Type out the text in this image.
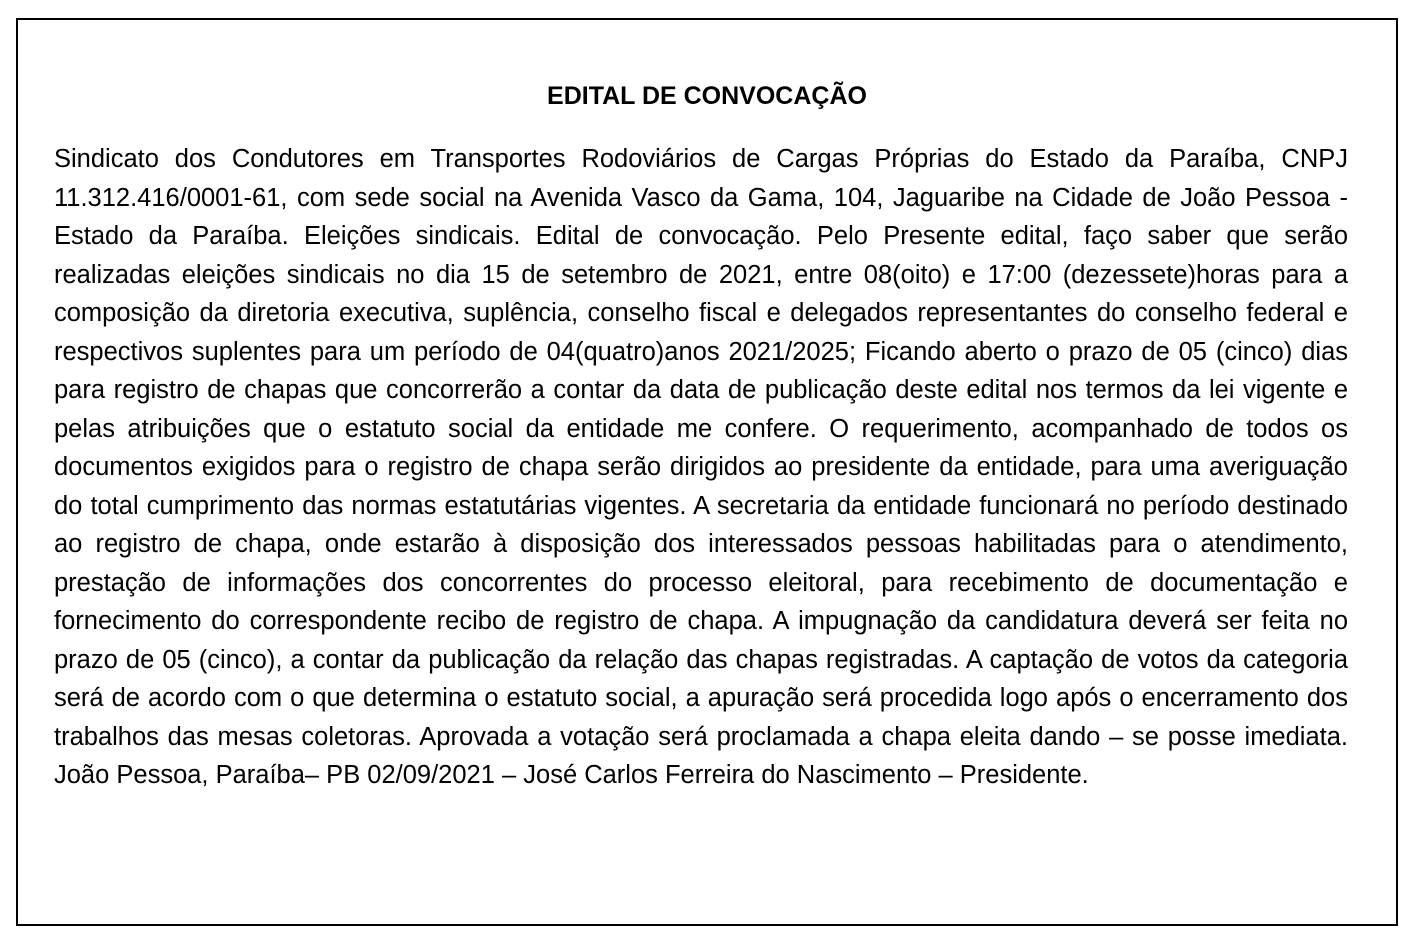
EDITAL DE CONVOCAÇÃO

Sindicato dos Condutores em Transportes Rodoviários de Cargas Próprias do Estado da Paraíba, CNPJ 11.312.416/0001-61, com sede social na Avenida Vasco da Gama, 104, Jaguaribe na Cidade de João Pessoa - Estado da Paraíba. Eleições sindicais. Edital de convocação. Pelo Presente edital, faço saber que serão realizadas eleições sindicais no dia 15 de setembro de 2021, entre 08(oito) e 17:00 (dezessete)horas para a composição da diretoria executiva, suplência, conselho fiscal e delegados representantes do conselho federal e respectivos suplentes para um período de 04(quatro)anos 2021/2025; Ficando aberto o prazo de 05 (cinco) dias para registro de chapas que concorrerão a contar da data de publicação deste edital nos termos da lei vigente e pelas atribuições que o estatuto social da entidade me confere. O requerimento, acompanhado de todos os documentos exigidos para o registro de chapa serão dirigidos ao presidente da entidade, para uma averiguação do total cumprimento das normas estatutárias vigentes. A secretaria da entidade funcionará no período destinado ao registro de chapa, onde estarão à disposição dos interessados pessoas habilitadas para o atendimento, prestação de informações dos concorrentes do processo eleitoral, para recebimento de documentação e fornecimento do correspondente recibo de registro de chapa. A impugnação da candidatura deverá ser feita no prazo de 05 (cinco), a contar da publicação da relação das chapas registradas. A captação de votos da categoria será de acordo com o que determina o estatuto social, a apuração será procedida logo após o encerramento dos trabalhos das mesas coletoras. Aprovada a votação será proclamada a chapa eleita dando – se posse imediata. João Pessoa, Paraíba– PB 02/09/2021 – José Carlos Ferreira do Nascimento – Presidente.
